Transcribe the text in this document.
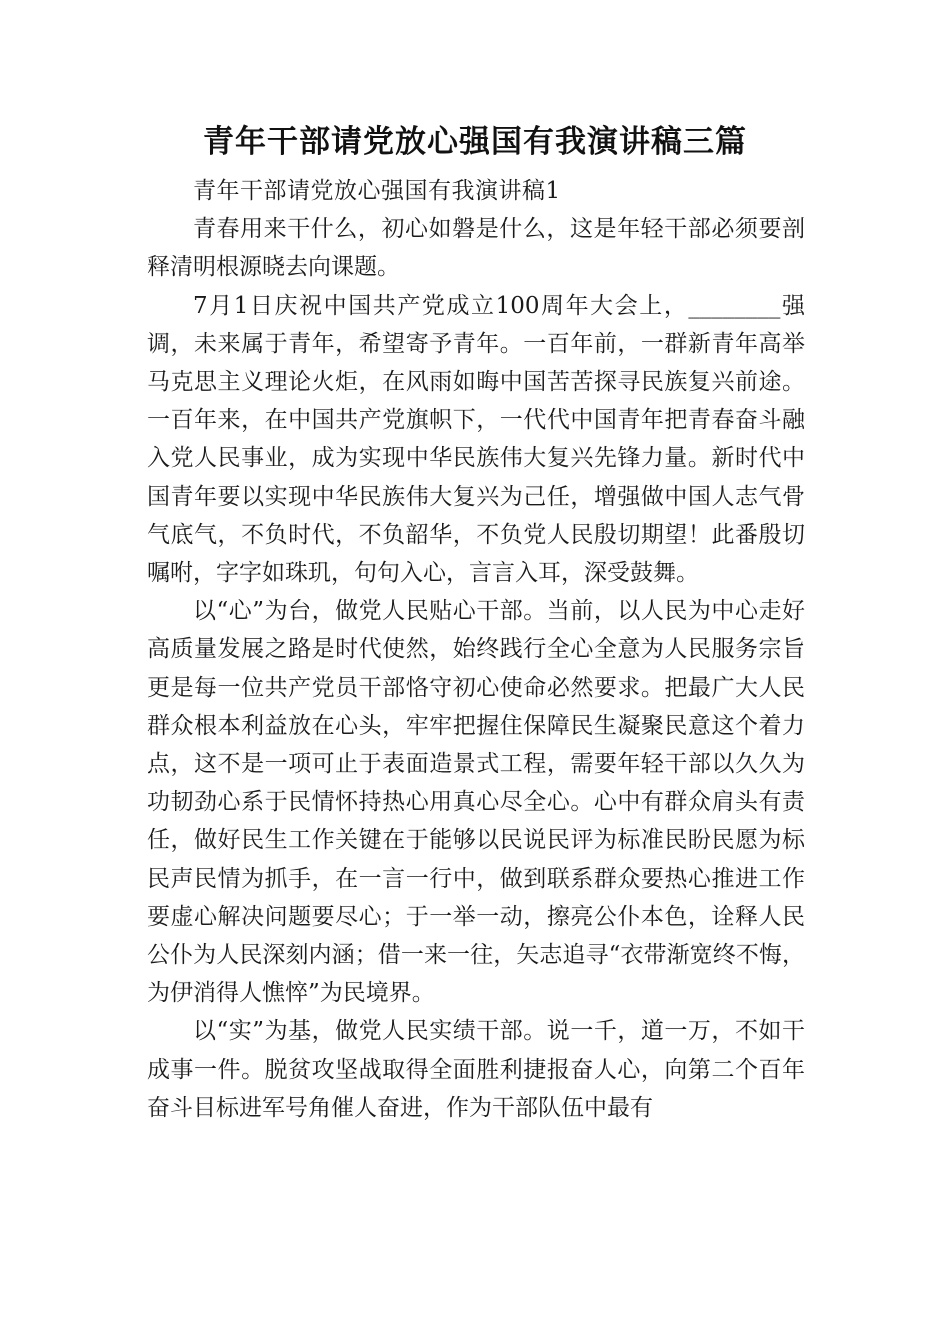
青年干部请党放心强国有我演讲稿三篇

青年干部请党放心强国有我演讲稿1

青春用来干什么，初心如磐是什么，这是年轻干部必须要剖释清明根源晓去向课题。

7月1日庆祝中国共产党成立100周年大会上，________强调，未来属于青年，希望寄予青年。一百年前，一群新青年高举马克思主义理论火炬，在风雨如晦中国苦苦探寻民族复兴前途。一百年来，在中国共产党旗帜下，一代代中国青年把青春奋斗融入党人民事业，成为实现中华民族伟大复兴先锋力量。新时代中国青年要以实现中华民族伟大复兴为己任，增强做中国人志气骨气底气，不负时代，不负韶华，不负党人民殷切期望！此番殷切嘱咐，字字如珠玑，句句入心，言言入耳，深受鼓舞。

以“心”为台，做党人民贴心干部。当前，以人民为中心走好高质量发展之路是时代使然，始终践行全心全意为人民服务宗旨更是每一位共产党员干部恪守初心使命必然要求。把最广大人民群众根本利益放在心头，牢牢把握住保障民生凝聚民意这个着力点，这不是一项可止于表面造景式工程，需要年轻干部以久久为功韧劲心系于民情怀持热心用真心尽全心。心中有群众肩头有责任，做好民生工作关键在于能够以民说民评为标准民盼民愿为标民声民情为抓手，在一言一行中，做到联系群众要热心推进工作要虚心解决问题要尽心；于一举一动，擦亮公仆本色，诠释人民公仆为人民深刻内涵；借一来一往，矢志追寻“衣带渐宽终不悔，为伊消得人憔悴”为民境界。

以“实”为基，做党人民实绩干部。说一千，道一万，不如干成事一件。脱贫攻坚战取得全面胜利捷报奋人心，向第二个百年奋斗目标进军号角催人奋进，作为干部队伍中最有
